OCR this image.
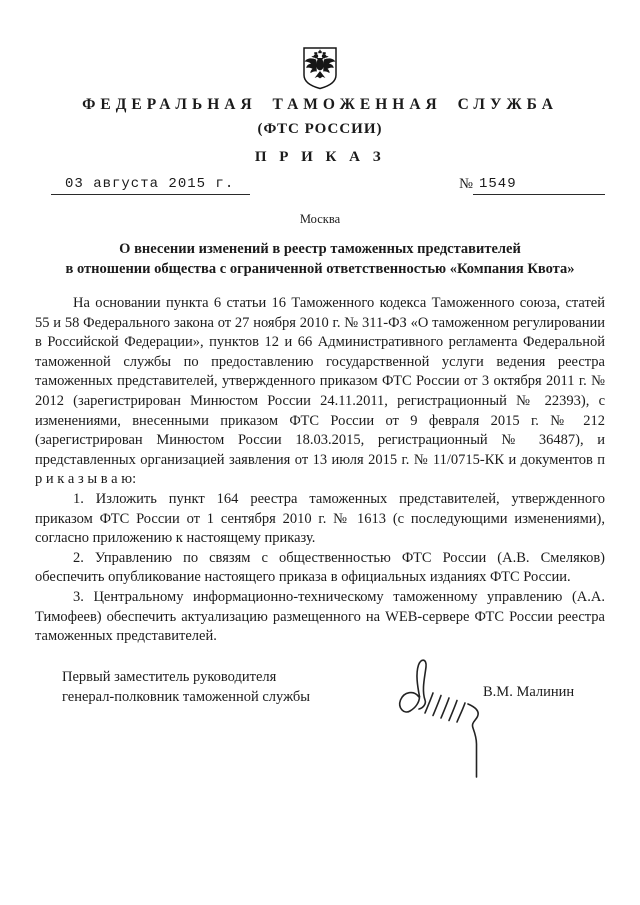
ФЕДЕРАЛЬНАЯ ТАМОЖЕННАЯ СЛУЖБА
(ФТС РОССИИ)
П Р И К А З
03 августа 2015 г.	№ 1549
Москва
О внесении изменений в реестр таможенных представителей
в отношении общества с ограниченной ответственностью «Компания Квота»

На основании пункта 6 статьи 16 Таможенного кодекса Таможенного союза, статей 55 и 58 Федерального закона от 27 ноября 2010 г. № 311-ФЗ «О таможенном регулировании в Российской Федерации», пунктов 12 и 66 Административного регламента Федеральной таможенной службы по предоставлению государственной услуги ведения реестра таможенных представителей, утвержденного приказом ФТС России от 3 октября 2011 г. № 2012 (зарегистрирован Минюстом России 24.11.2011, регистрационный № 22393), с изменениями, внесенными приказом ФТС России от 9 февраля 2015 г. № 212 (зарегистрирован Минюстом России 18.03.2015, регистрационный № 36487), и представленных организацией заявления от 13 июля 2015 г. № 11/0715-КК и документов п р и к а з ы в а ю:

1. Изложить пункт 164 реестра таможенных представителей, утвержденного приказом ФТС России от 1 сентября 2010 г. № 1613 (с последующими изменениями), согласно приложению к настоящему приказу.

2. Управлению по связям с общественностью ФТС России (А.В. Смеляков) обеспечить опубликование настоящего приказа в официальных изданиях ФТС России.

3. Центральному информационно-техническому таможенному управлению (А.А. Тимофеев) обеспечить актуализацию размещенного на WEB-сервере ФТС России реестра таможенных представителей.

Первый заместитель руководителя
генерал-полковник таможенной службы	В.М. Малинин
